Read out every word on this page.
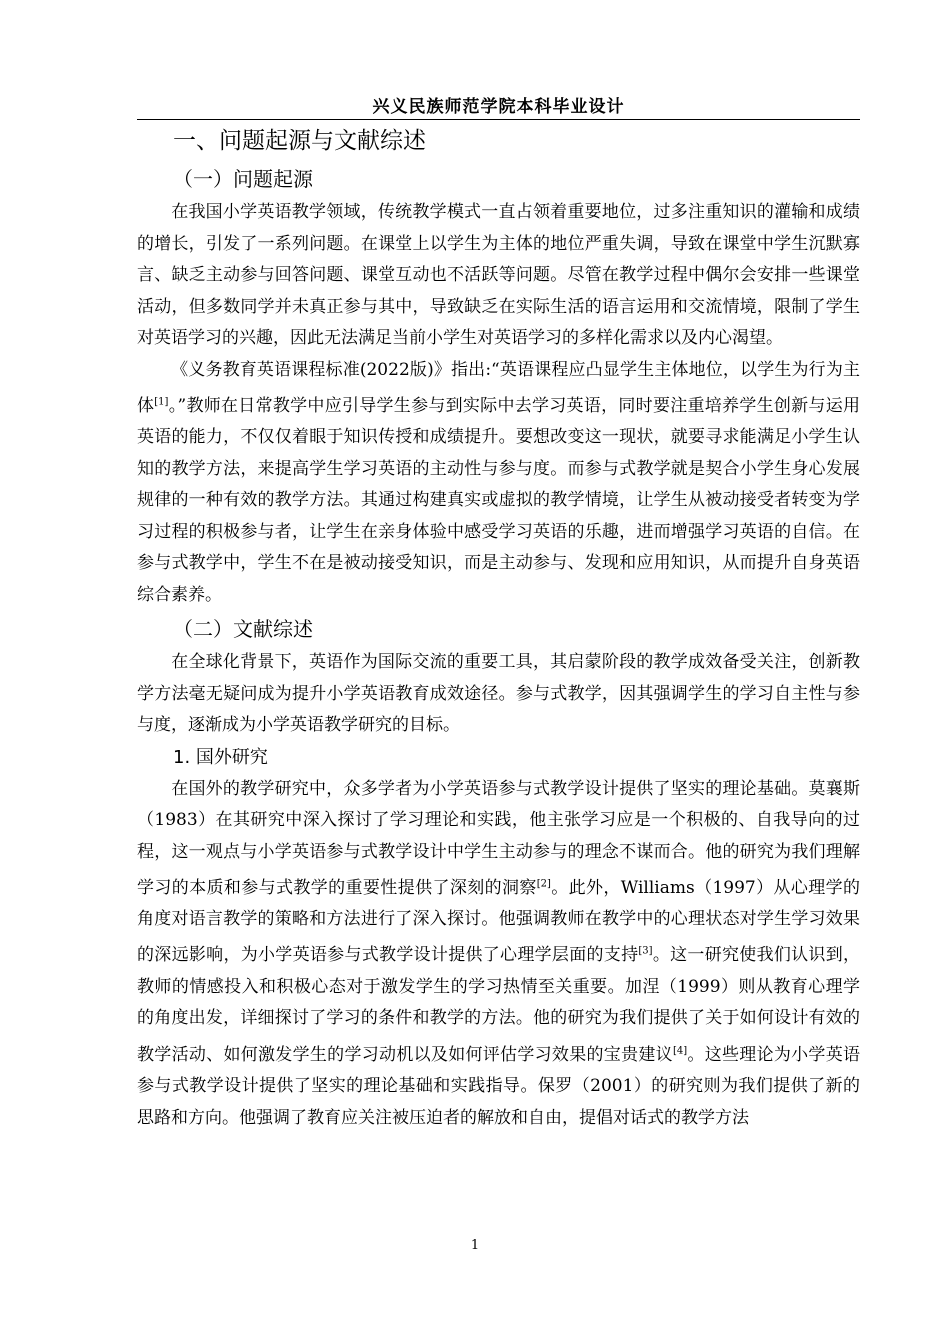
兴义民族师范学院本科毕业设计
一、问题起源与文献综述
（一）问题起源

在我国小学英语教学领域，传统教学模式一直占领着重要地位，过多注重知识的灌输和成绩的增长，引发了一系列问题。在课堂上以学生为主体的地位严重失调，导致在课堂中学生沉默寡言、缺乏主动参与回答问题、课堂互动也不活跃等问题。尽管在教学过程中偶尔会安排一些课堂活动，但多数同学并未真正参与其中，导致缺乏在实际生活的语言运用和交流情境，限制了学生对英语学习的兴趣，因此无法满足当前小学生对英语学习的多样化需求以及内心渴望。

《义务教育英语课程标准(2022版)》指出:“英语课程应凸显学生主体地位，以学生为行为主体[1]。”教师在日常教学中应引导学生参与到实际中去学习英语，同时要注重培养学生创新与运用英语的能力，不仅仅着眼于知识传授和成绩提升。要想改变这一现状，就要寻求能满足小学生认知的教学方法，来提高学生学习英语的主动性与参与度。而参与式教学就是契合小学生身心发展规律的一种有效的教学方法。其通过构建真实或虚拟的教学情境，让学生从被动接受者转变为学习过程的积极参与者，让学生在亲身体验中感受学习英语的乐趣，进而增强学习英语的自信。在参与式教学中，学生不在是被动接受知识，而是主动参与、发现和应用知识，从而提升自身英语综合素养。

（二）文献综述

在全球化背景下，英语作为国际交流的重要工具，其启蒙阶段的教学成效备受关注，创新教学方法毫无疑问成为提升小学英语教育成效途径。参与式教学，因其强调学生的学习自主性与参与度，逐渐成为小学英语教学研究的目标。

1. 国外研究

在国外的教学研究中，众多学者为小学英语参与式教学设计提供了坚实的理论基础。莫襄斯（1983）在其研究中深入探讨了学习理论和实践，他主张学习应是一个积极的、自我导向的过程，这一观点与小学英语参与式教学设计中学生主动参与的理念不谋而合。他的研究为我们理解学习的本质和参与式教学的重要性提供了深刻的洞察[2]。此外，Williams（1997）从心理学的角度对语言教学的策略和方法进行了深入探讨。他强调教师在教学中的心理状态对学生学习效果的深远影响，为小学英语参与式教学设计提供了心理学层面的支持[3]。这一研究使我们认识到，教师的情感投入和积极心态对于激发学生的学习热情至关重要。加涅（1999）则从教育心理学的角度出发，详细探讨了学习的条件和教学的方法。他的研究为我们提供了关于如何设计有效的教学活动、如何激发学生的学习动机以及如何评估学习效果的宝贵建议[4]。这些理论为小学英语参与式教学设计提供了坚实的理论基础和实践指导。保罗（2001）的研究则为我们提供了新的思路和方向。他强调了教育应关注被压迫者的解放和自由，提倡对话式的教学方法

1
